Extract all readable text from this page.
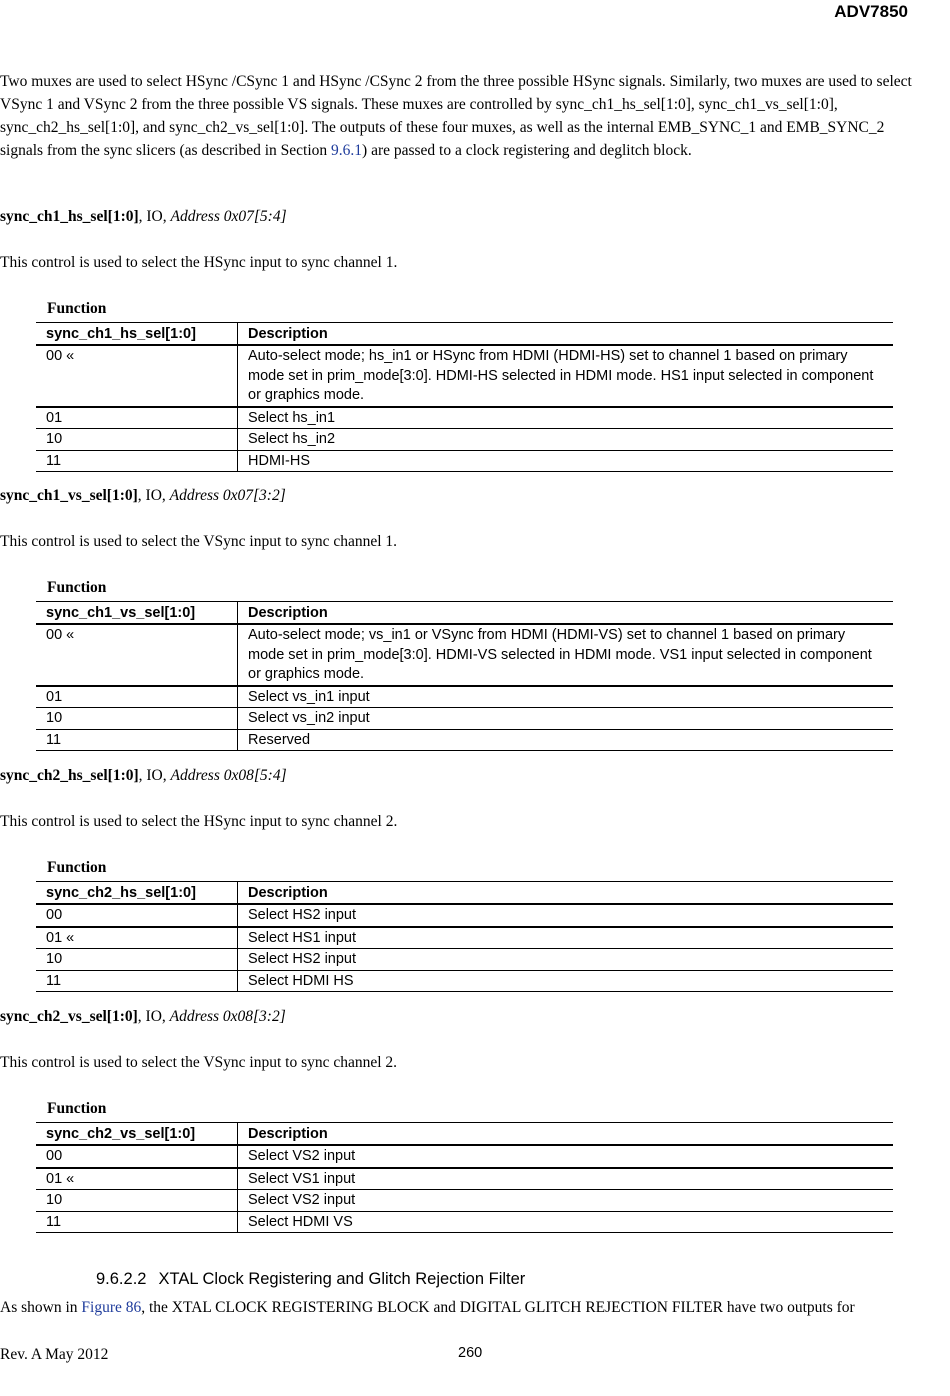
ADV7850

Two muxes are used to select HSync /CSync 1 and HSync /CSync 2 from the three possible HSync signals. Similarly, two muxes are used to select VSync 1 and VSync 2 from the three possible VS signals. These muxes are controlled by sync_ch1_hs_sel[1:0], sync_ch1_vs_sel[1:0], sync_ch2_hs_sel[1:0], and sync_ch2_vs_sel[1:0]. The outputs of these four muxes, as well as the internal EMB_SYNC_1 and EMB_SYNC_2 signals from the sync slicers (as described in Section 9.6.1) are passed to a clock registering and deglitch block.

sync_ch1_hs_sel[1:0], IO, Address 0x07[5:4]

This control is used to select the HSync input to sync channel 1.

Function
sync_ch1_hs_sel[1:0]	Description
00 «	Auto-select mode; hs_in1 or HSync from HDMI (HDMI-HS) set to channel 1 based on primary mode set in prim_mode[3:0]. HDMI-HS selected in HDMI mode. HS1 input selected in component or graphics mode.
01	Select hs_in1
10	Select hs_in2
11	HDMI-HS

sync_ch1_vs_sel[1:0], IO, Address 0x07[3:2]

This control is used to select the VSync input to sync channel 1.

Function
sync_ch1_vs_sel[1:0]	Description
00 «	Auto-select mode; vs_in1 or VSync from HDMI (HDMI-VS) set to channel 1 based on primary mode set in prim_mode[3:0]. HDMI-VS selected in HDMI mode. VS1 input selected in component or graphics mode.
01	Select vs_in1 input
10	Select vs_in2 input
11	Reserved

sync_ch2_hs_sel[1:0], IO, Address 0x08[5:4]

This control is used to select the HSync input to sync channel 2.

Function
sync_ch2_hs_sel[1:0]	Description
00	Select HS2 input
01 «	Select HS1 input
10	Select HS2 input
11	Select HDMI HS

sync_ch2_vs_sel[1:0], IO, Address 0x08[3:2]

This control is used to select the VSync input to sync channel 2.

Function
sync_ch2_vs_sel[1:0]	Description
00	Select VS2 input
01 «	Select VS1 input
10	Select VS2 input
11	Select HDMI VS
9.6.2.2 XTAL Clock Registering and Glitch Rejection Filter

As shown in Figure 86, the XTAL CLOCK REGISTERING BLOCK and DIGITAL GLITCH REJECTION FILTER have two outputs for

Rev. A May 2012	260
